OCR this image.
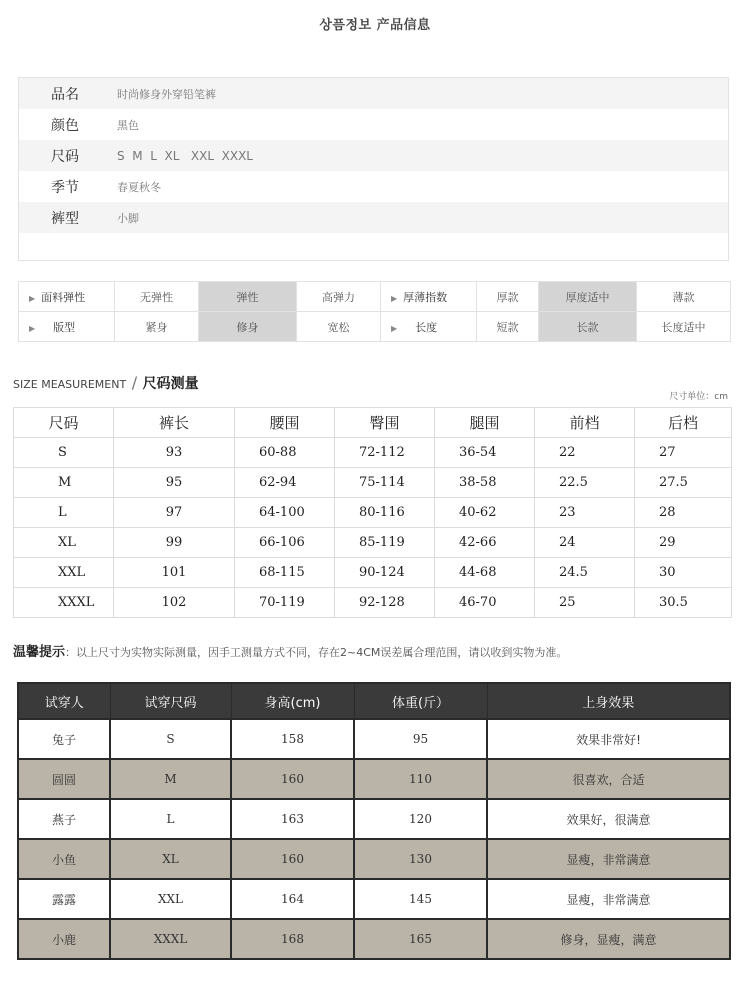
상픔정보 产品信息
品名	时尚修身外穿铅笔裤
颜色	黑色
尺码	S  M  L  XL   XXL  XXXL
季节	春夏秋冬
裤型	小脚
▶ 面料弹性	无弹性	弹性	高弹力	▶ 厚薄指数	厚款	厚度适中	薄款
▶ 版型	紧身	修身	宽松	▶ 长度	短款	长款	长度适中
SIZE MEASUREMENT / 尺码测量
尺寸单位：cm
尺码	裤长	腰围	臀围	腿围	前档	后档
S	93	60-88	72-112	36-54	22	27
M	95	62-94	75-114	38-58	22.5	27.5
L	97	64-100	80-116	40-62	23	28
XL	99	66-106	85-119	42-66	24	29
XXL	101	68-115	90-124	44-68	24.5	30
XXXL	102	70-119	92-128	46-70	25	30.5
温馨提示：以上尺寸为实物实际测量，因手工测量方式不同，存在2~4CM误差属合理范围，请以收到实物为准。
试穿人	试穿尺码	身高(cm)	体重(斤）	上身效果
兔子	S	158	95	效果非常好!
圆圆	M	160	110	很喜欢，合适
燕子	L	163	120	效果好，很满意
小鱼	XL	160	130	显瘦，非常满意
露露	XXL	164	145	显瘦，非常满意
小鹿	XXXL	168	165	修身，显瘦，满意
